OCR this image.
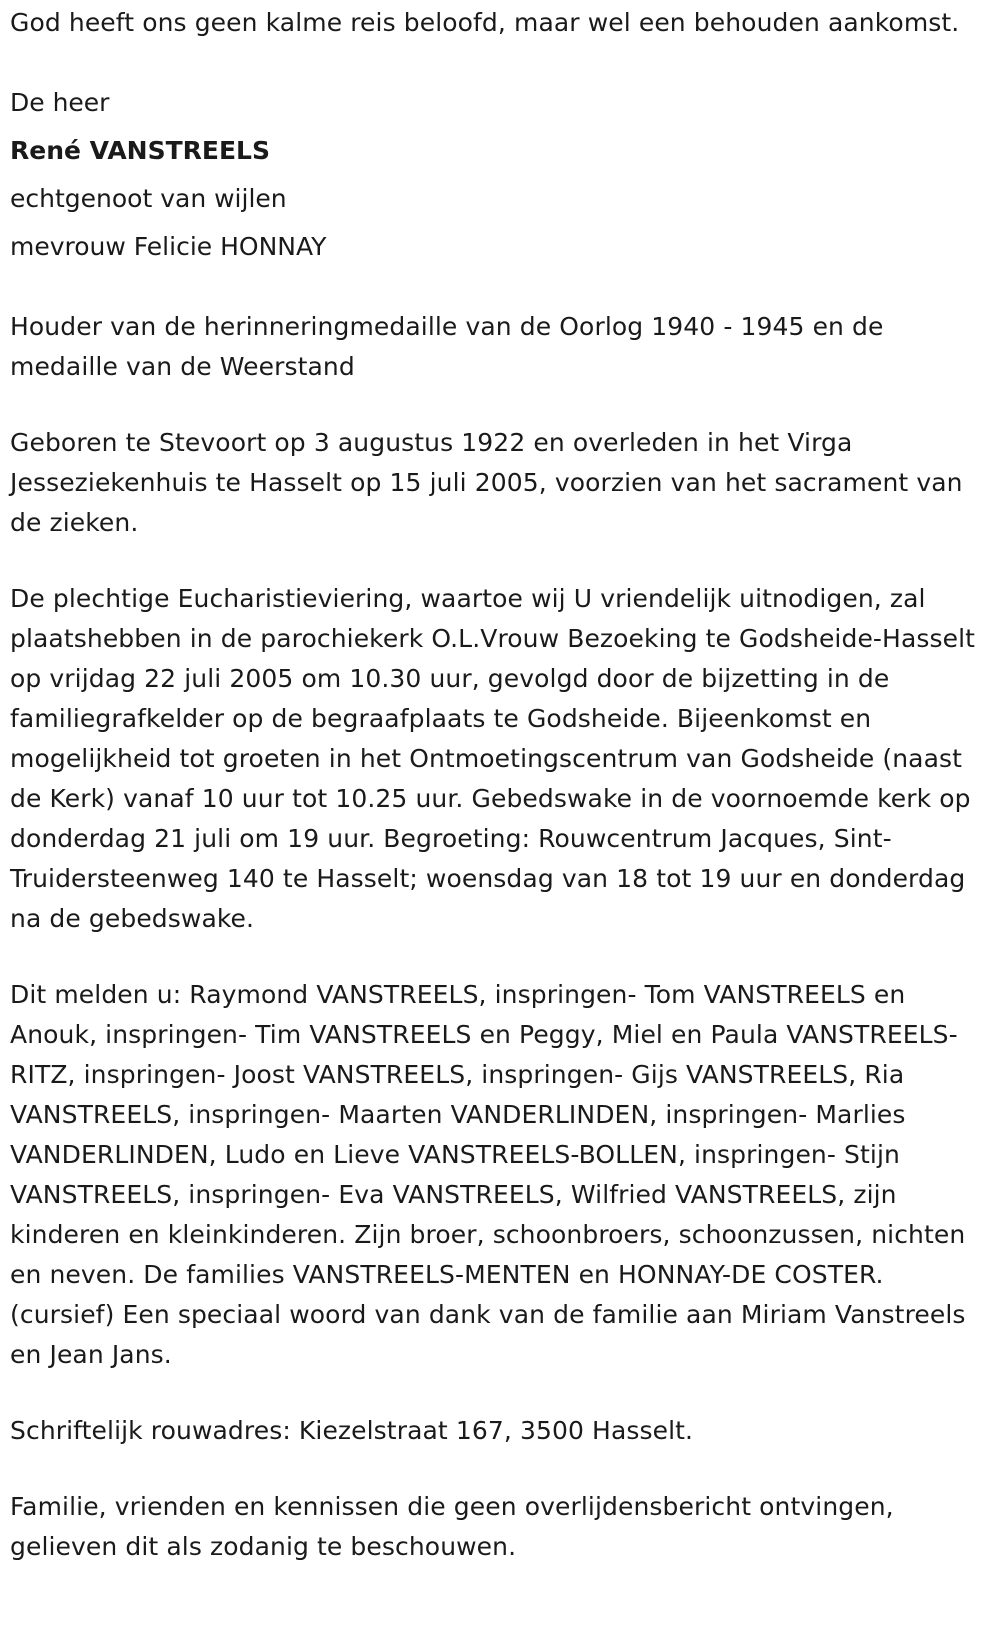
God heeft ons geen kalme reis beloofd, maar wel een behouden aankomst.

De heer

René VANSTREELS

echtgenoot van wijlen

mevrouw Felicie HONNAY

Houder van de herinneringmedaille van de Oorlog 1940 - 1945 en de medaille van de Weerstand

Geboren te Stevoort op 3 augustus 1922 en overleden in het Virga Jesseziekenhuis te Hasselt op 15 juli 2005, voorzien van het sacrament van de zieken.

De plechtige Eucharistieviering, waartoe wij U vriendelijk uitnodigen, zal plaatshebben in de parochiekerk O.L.Vrouw Bezoeking te Godsheide-Hasselt op vrijdag 22 juli 2005 om 10.30 uur, gevolgd door de bijzetting in de familiegrafkelder op de begraafplaats te Godsheide. Bijeenkomst en mogelijkheid tot groeten in het Ontmoetingscentrum van Godsheide (naast de Kerk) vanaf 10 uur tot 10.25 uur. Gebedswake in de voornoemde kerk op donderdag 21 juli om 19 uur. Begroeting: Rouwcentrum Jacques, Sint-Truidersteenweg 140 te Hasselt; woensdag van 18 tot 19 uur en donderdag na de gebedswake.

Dit melden u: Raymond VANSTREELS, inspringen- Tom VANSTREELS en Anouk, inspringen- Tim VANSTREELS en Peggy, Miel en Paula VANSTREELS-RITZ, inspringen- Joost VANSTREELS, inspringen- Gijs VANSTREELS, Ria VANSTREELS, inspringen- Maarten VANDERLINDEN, inspringen- Marlies VANDERLINDEN, Ludo en Lieve VANSTREELS-BOLLEN, inspringen- Stijn VANSTREELS, inspringen- Eva VANSTREELS, Wilfried VANSTREELS, zijn kinderen en kleinkinderen. Zijn broer, schoonbroers, schoonzussen, nichten en neven. De families VANSTREELS-MENTEN en HONNAY-DE COSTER. (cursief) Een speciaal woord van dank van de familie aan Miriam Vanstreels en Jean Jans.

Schriftelijk rouwadres: Kiezelstraat 167, 3500 Hasselt.

Familie, vrienden en kennissen die geen overlijdensbericht ontvingen, gelieven dit als zodanig te beschouwen.
